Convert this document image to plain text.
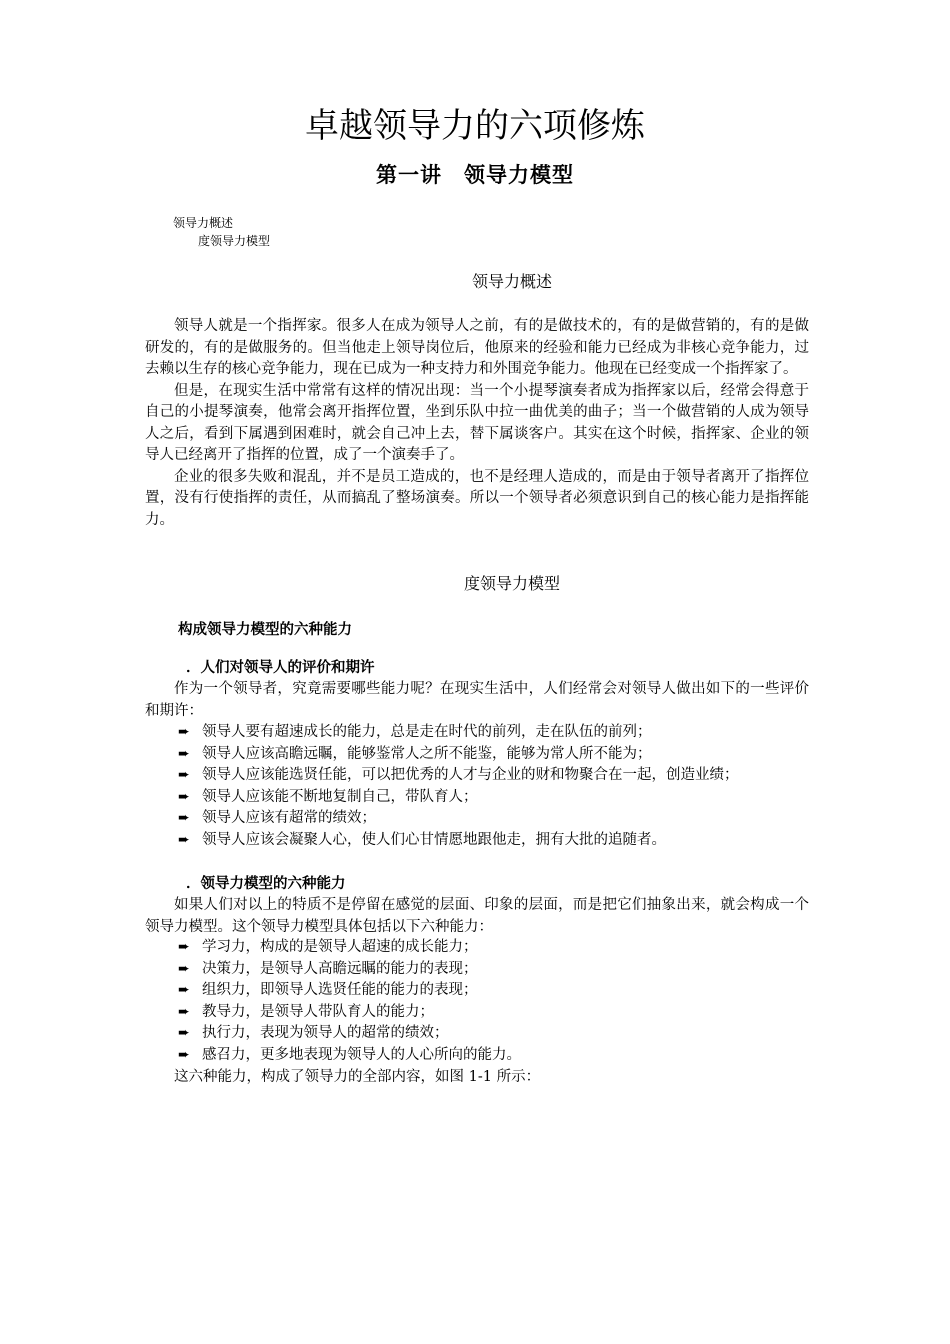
卓越领导力的六项修炼
第一讲　领导力模型
领导力概述
度领导力模型
领导力概述

领导人就是一个指挥家。很多人在成为领导人之前，有的是做技术的，有的是做营销的，有的是做研发的，有的是做服务的。但当他走上领导岗位后，他原来的经验和能力已经成为非核心竞争能力，过去赖以生存的核心竞争能力，现在已成为一种支持力和外围竞争能力。他现在已经变成一个指挥家了。

但是，在现实生活中常常有这样的情况出现：当一个小提琴演奏者成为指挥家以后，经常会得意于自己的小提琴演奏，他常会离开指挥位置，坐到乐队中拉一曲优美的曲子；当一个做营销的人成为领导人之后，看到下属遇到困难时，就会自己冲上去，替下属谈客户。其实在这个时候，指挥家、企业的领导人已经离开了指挥的位置，成了一个演奏手了。

企业的很多失败和混乱，并不是员工造成的，也不是经理人造成的，而是由于领导者离开了指挥位置，没有行使指挥的责任，从而搞乱了整场演奏。所以一个领导者必须意识到自己的核心能力是指挥能力。

度领导力模型
构成领导力模型的六种能力
．人们对领导人的评价和期许

作为一个领导者，究竟需要哪些能力呢？在现实生活中，人们经常会对领导人做出如下的一些评价和期许：

➨ 领导人要有超速成长的能力，总是走在时代的前列，走在队伍的前列；
➨ 领导人应该高瞻远瞩，能够鉴常人之所不能鉴，能够为常人所不能为；
➨ 领导人应该能选贤任能，可以把优秀的人才与企业的财和物聚合在一起，创造业绩；
➨ 领导人应该能不断地复制自己，带队育人；
➨ 领导人应该有超常的绩效；
➨ 领导人应该会凝聚人心，使人们心甘情愿地跟他走，拥有大批的追随者。
．领导力模型的六种能力

如果人们对以上的特质不是停留在感觉的层面、印象的层面，而是把它们抽象出来，就会构成一个领导力模型。这个领导力模型具体包括以下六种能力：

➨ 学习力，构成的是领导人超速的成长能力；
➨ 决策力，是领导人高瞻远瞩的能力的表现；
➨ 组织力，即领导人选贤任能的能力的表现；
➨ 教导力，是领导人带队育人的能力；
➨ 执行力，表现为领导人的超常的绩效；
➨ 感召力，更多地表现为领导人的人心所向的能力。

这六种能力，构成了领导力的全部内容，如图 1-1 所示：
